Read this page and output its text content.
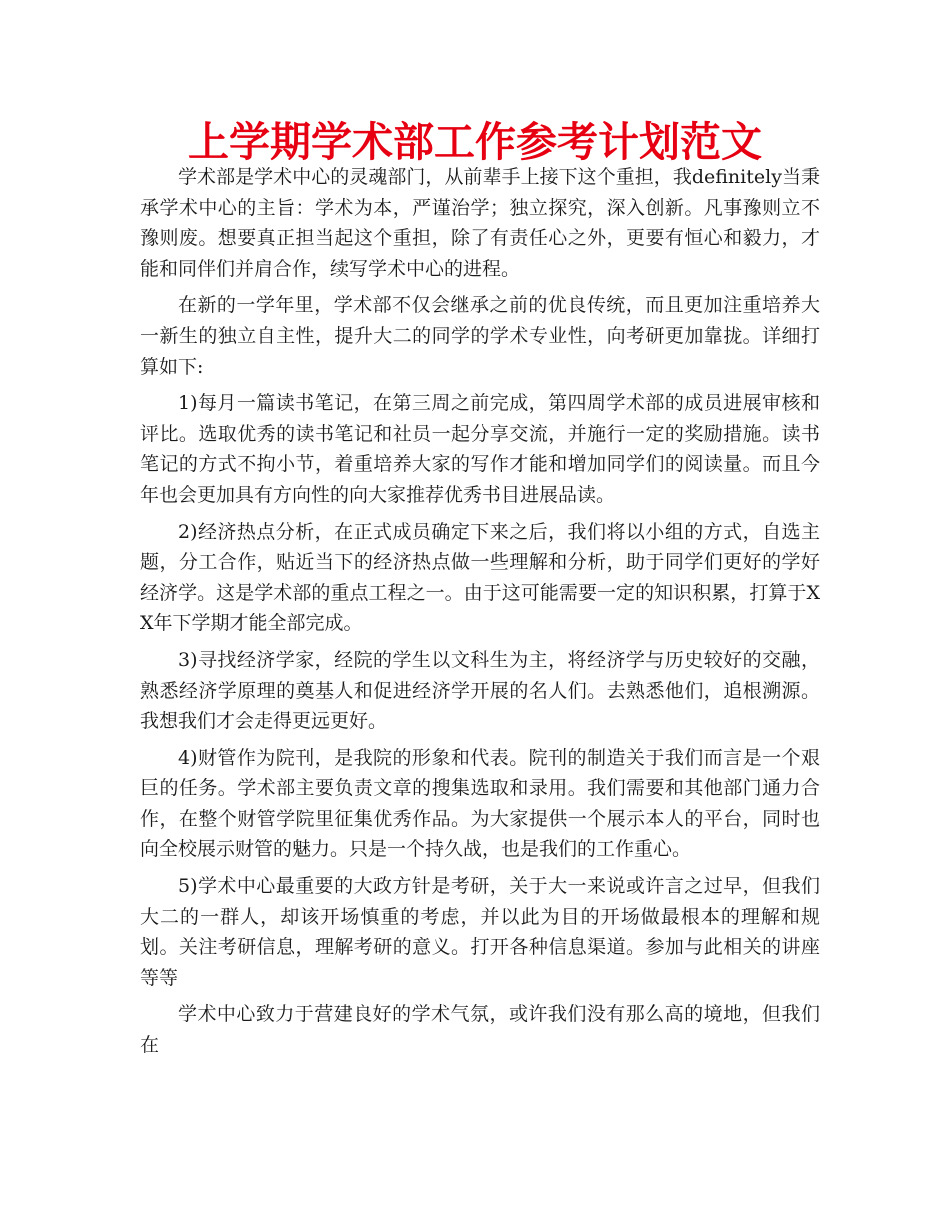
上学期学术部工作参考计划范文

学术部是学术中心的灵魂部门，从前辈手上接下这个重担，我definitely当秉承学术中心的主旨：学术为本，严谨治学；独立探究，深入创新。凡事豫则立不豫则废。想要真正担当起这个重担，除了有责任心之外，更要有恒心和毅力，才能和同伴们并肩合作，续写学术中心的进程。

在新的一学年里，学术部不仅会继承之前的优良传统，而且更加注重培养大一新生的独立自主性，提升大二的同学的学术专业性，向考研更加靠拢。详细打算如下:

1)每月一篇读书笔记，在第三周之前完成，第四周学术部的成员进展审核和评比。选取优秀的读书笔记和社员一起分享交流，并施行一定的奖励措施。读书笔记的方式不拘小节，着重培养大家的写作才能和增加同学们的阅读量。而且今年也会更加具有方向性的向大家推荐优秀书目进展品读。

2)经济热点分析，在正式成员确定下来之后，我们将以小组的方式，自选主题，分工合作，贴近当下的经济热点做一些理解和分析，助于同学们更好的学好经济学。这是学术部的重点工程之一。由于这可能需要一定的知识积累，打算于XX年下学期才能全部完成。

3)寻找经济学家，经院的学生以文科生为主，将经济学与历史较好的交融，熟悉经济学原理的奠基人和促进经济学开展的名人们。去熟悉他们，追根溯源。我想我们才会走得更远更好。

4)财管作为院刊，是我院的形象和代表。院刊的制造关于我们而言是一个艰巨的任务。学术部主要负责文章的搜集选取和录用。我们需要和其他部门通力合作，在整个财管学院里征集优秀作品。为大家提供一个展示本人的平台，同时也向全校展示财管的魅力。只是一个持久战，也是我们的工作重心。

5)学术中心最重要的大政方针是考研，关于大一来说或许言之过早，但我们大二的一群人，却该开场慎重的考虑，并以此为目的开场做最根本的理解和规划。关注考研信息，理解考研的意义。打开各种信息渠道。参加与此相关的讲座等等

学术中心致力于营建良好的学术气氛，或许我们没有那么高的境地，但我们在
